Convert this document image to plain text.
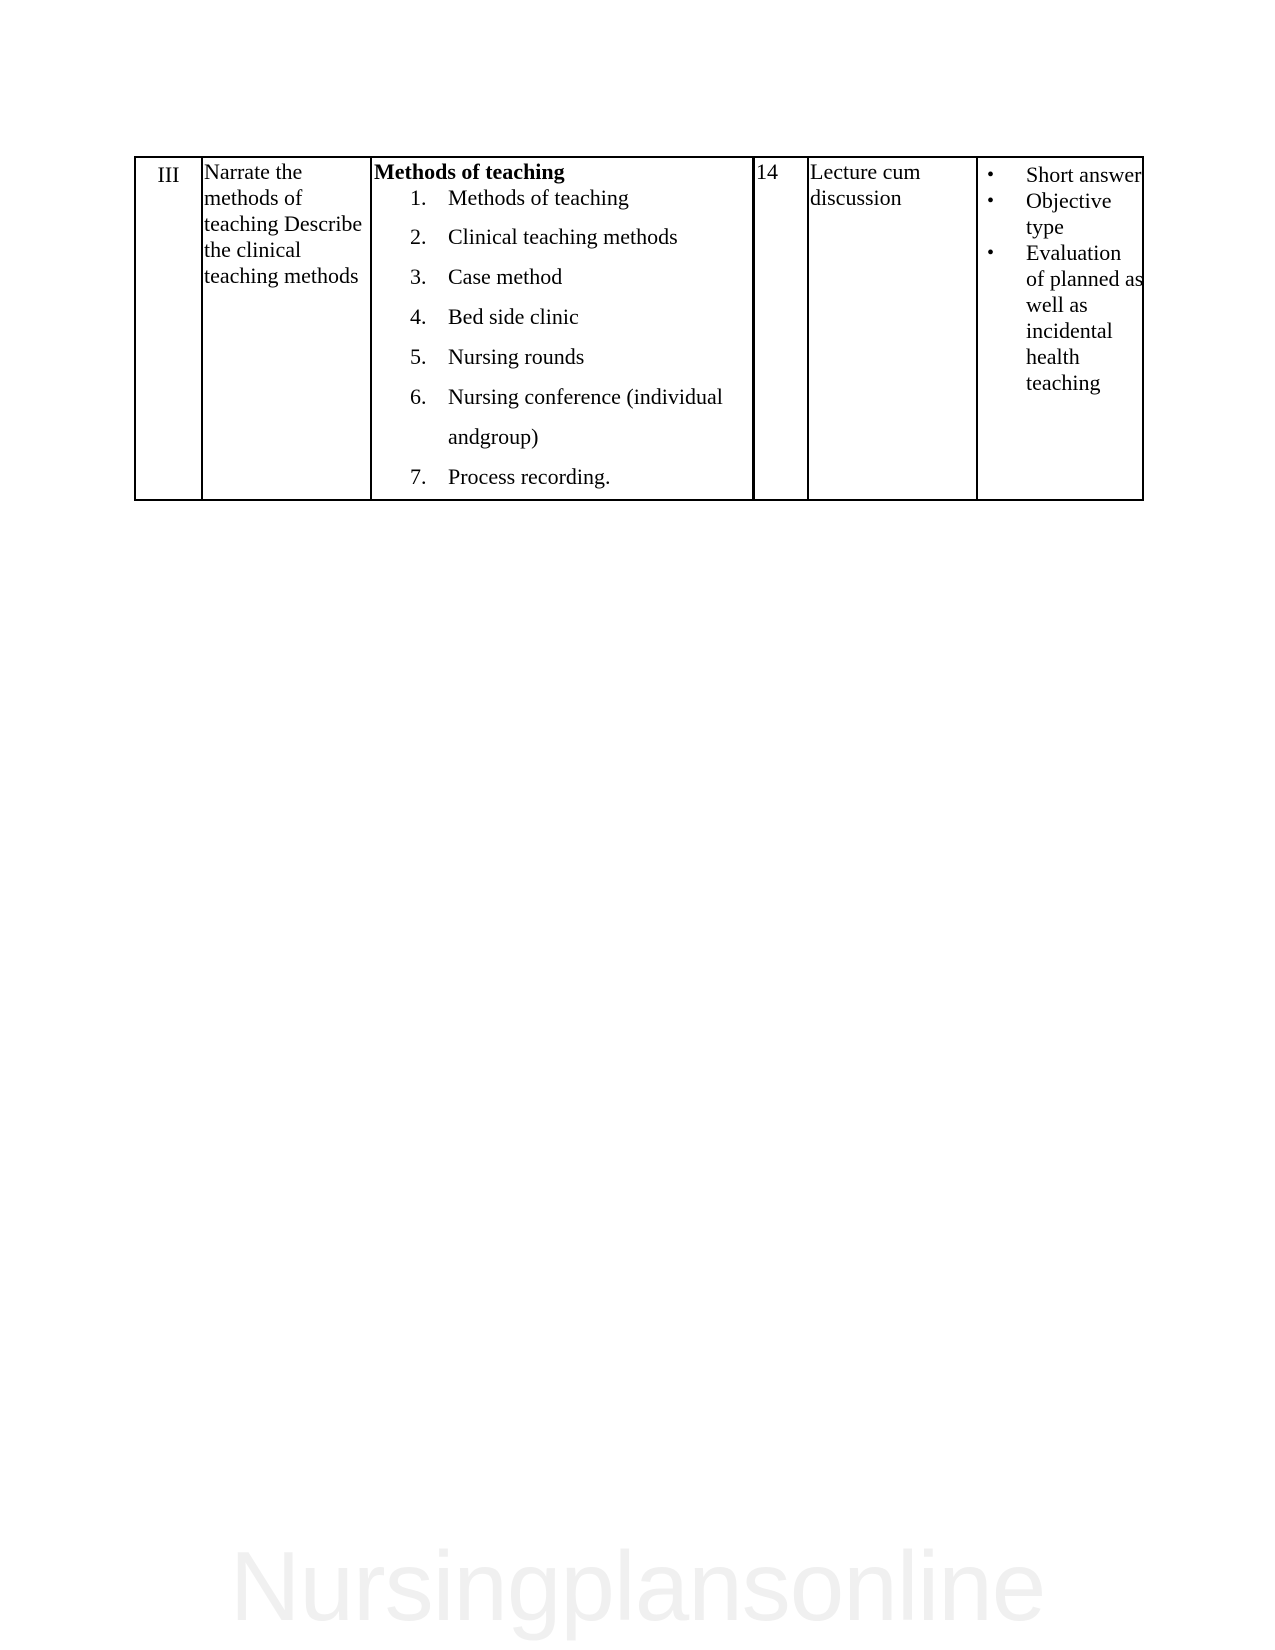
III	Narrate the methods of teaching Describe the clinical teaching methods
Methods of teaching
1. Methods of teaching
2. Clinical teaching methods
3. Case method
4. Bed side clinic
5. Nursing rounds
6. Nursing conference (individual andgroup)
7. Process recording.
14	Lecture cum discussion
• Short answer
• Objective type
• Evaluation of planned as well as incidental health teaching
Nursingplansonline
